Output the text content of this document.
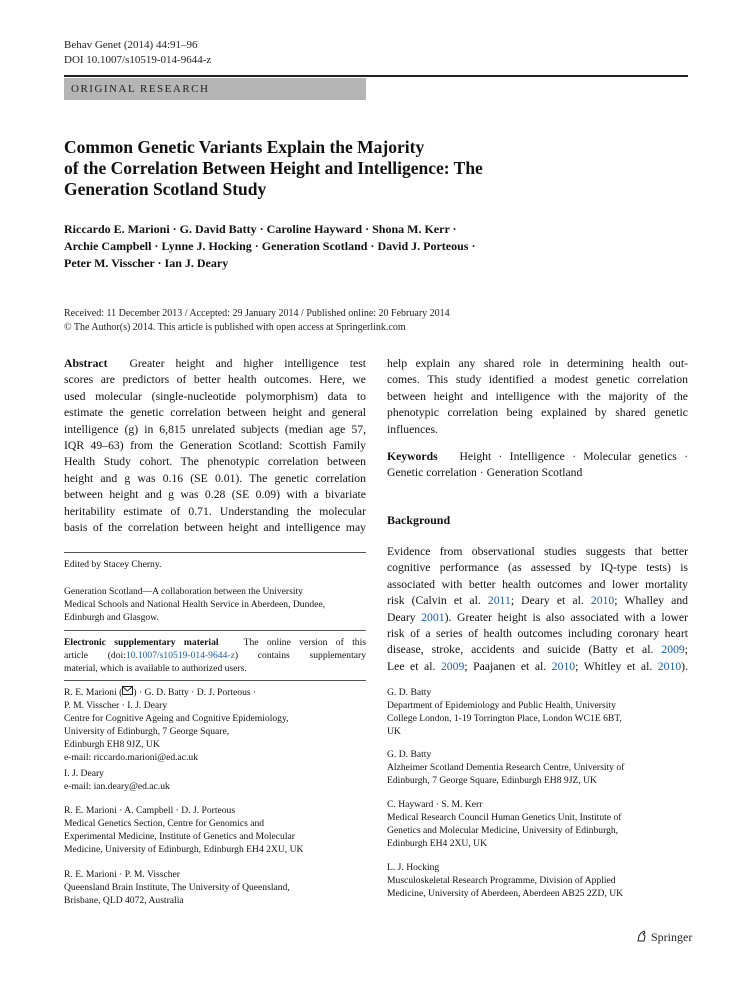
Behav Genet (2014) 44:91–96
DOI 10.1007/s10519-014-9644-z
ORIGINAL RESEARCH
Common Genetic Variants Explain the Majority
of the Correlation Between Height and Intelligence: The
Generation Scotland Study
Riccardo E. Marioni · G. David Batty · Caroline Hayward · Shona M. Kerr ·
Archie Campbell · Lynne J. Hocking · Generation Scotland · David J. Porteous ·
Peter M. Visscher · Ian J. Deary
Received: 11 December 2013 / Accepted: 29 January 2014 / Published online: 20 February 2014
© The Author(s) 2014. This article is published with open access at Springerlink.com
Abstract Greater height and higher intelligence test
scores are predictors of better health outcomes. Here, we
used molecular (single-nucleotide polymorphism) data to
estimate the genetic correlation between height and general
intelligence (g) in 6,815 unrelated subjects (median age 57,
IQR 49–63) from the Generation Scotland: Scottish Family
Health Study cohort. The phenotypic correlation between
height and g was 0.16 (SE 0.01). The genetic correlation
between height and g was 0.28 (SE 0.09) with a bivariate
heritability estimate of 0.71. Understanding the molecular
basis of the correlation between height and intelligence may
help explain any shared role in determining health out-
comes. This study identified a modest genetic correlation
between height and intelligence with the majority of the
phenotypic correlation being explained by shared genetic
influences.
Keywords Height · Intelligence · Molecular genetics ·
Genetic correlation · Generation Scotland
Background
Evidence from observational studies suggests that better
cognitive performance (as assessed by IQ-type tests) is
associated with better health outcomes and lower mortality
risk (Calvin et al. 2011; Deary et al. 2010; Whalley and
Deary 2001). Greater height is also associated with a lower
risk of a series of health outcomes including coronary heart
disease, stroke, accidents and suicide (Batty et al. 2009;
Lee et al. 2009; Paajanen et al. 2010; Whitley et al. 2010).
Edited by Stacey Cherny.
Generation Scotland—A collaboration between the University
Medical Schools and National Health Service in Aberdeen, Dundee,
Edinburgh and Glasgow.
Electronic supplementary material	The online version of this
article (doi:10.1007/s10519-014-9644-z) contains supplementary
material, which is available to authorized users.
R. E. Marioni ( ) · G. D. Batty · D. J. Porteous ·
P. M. Visscher · I. J. Deary
Centre for Cognitive Ageing and Cognitive Epidemiology,
University of Edinburgh, 7 George Square,
Edinburgh EH8 9JZ, UK
e-mail: riccardo.marioni@ed.ac.uk
I. J. Deary
e-mail: ian.deary@ed.ac.uk
R. E. Marioni · A. Campbell · D. J. Porteous
Medical Genetics Section, Centre for Genomics and
Experimental Medicine, Institute of Genetics and Molecular
Medicine, University of Edinburgh, Edinburgh EH4 2XU, UK
R. E. Marioni · P. M. Visscher
Queensland Brain Institute, The University of Queensland,
Brisbane, QLD 4072, Australia
G. D. Batty
Department of Epidemiology and Public Health, University
College London, 1-19 Torrington Place, London WC1E 6BT,
UK
G. D. Batty
Alzheimer Scotland Dementia Research Centre, University of
Edinburgh, 7 George Square, Edinburgh EH8 9JZ, UK
C. Hayward · S. M. Kerr
Medical Research Council Human Genetics Unit, Institute of
Genetics and Molecular Medicine, University of Edinburgh,
Edinburgh EH4 2XU, UK
L. J. Hocking
Musculoskeletal Research Programme, Division of Applied
Medicine, University of Aberdeen, Aberdeen AB25 2ZD, UK
Springer
